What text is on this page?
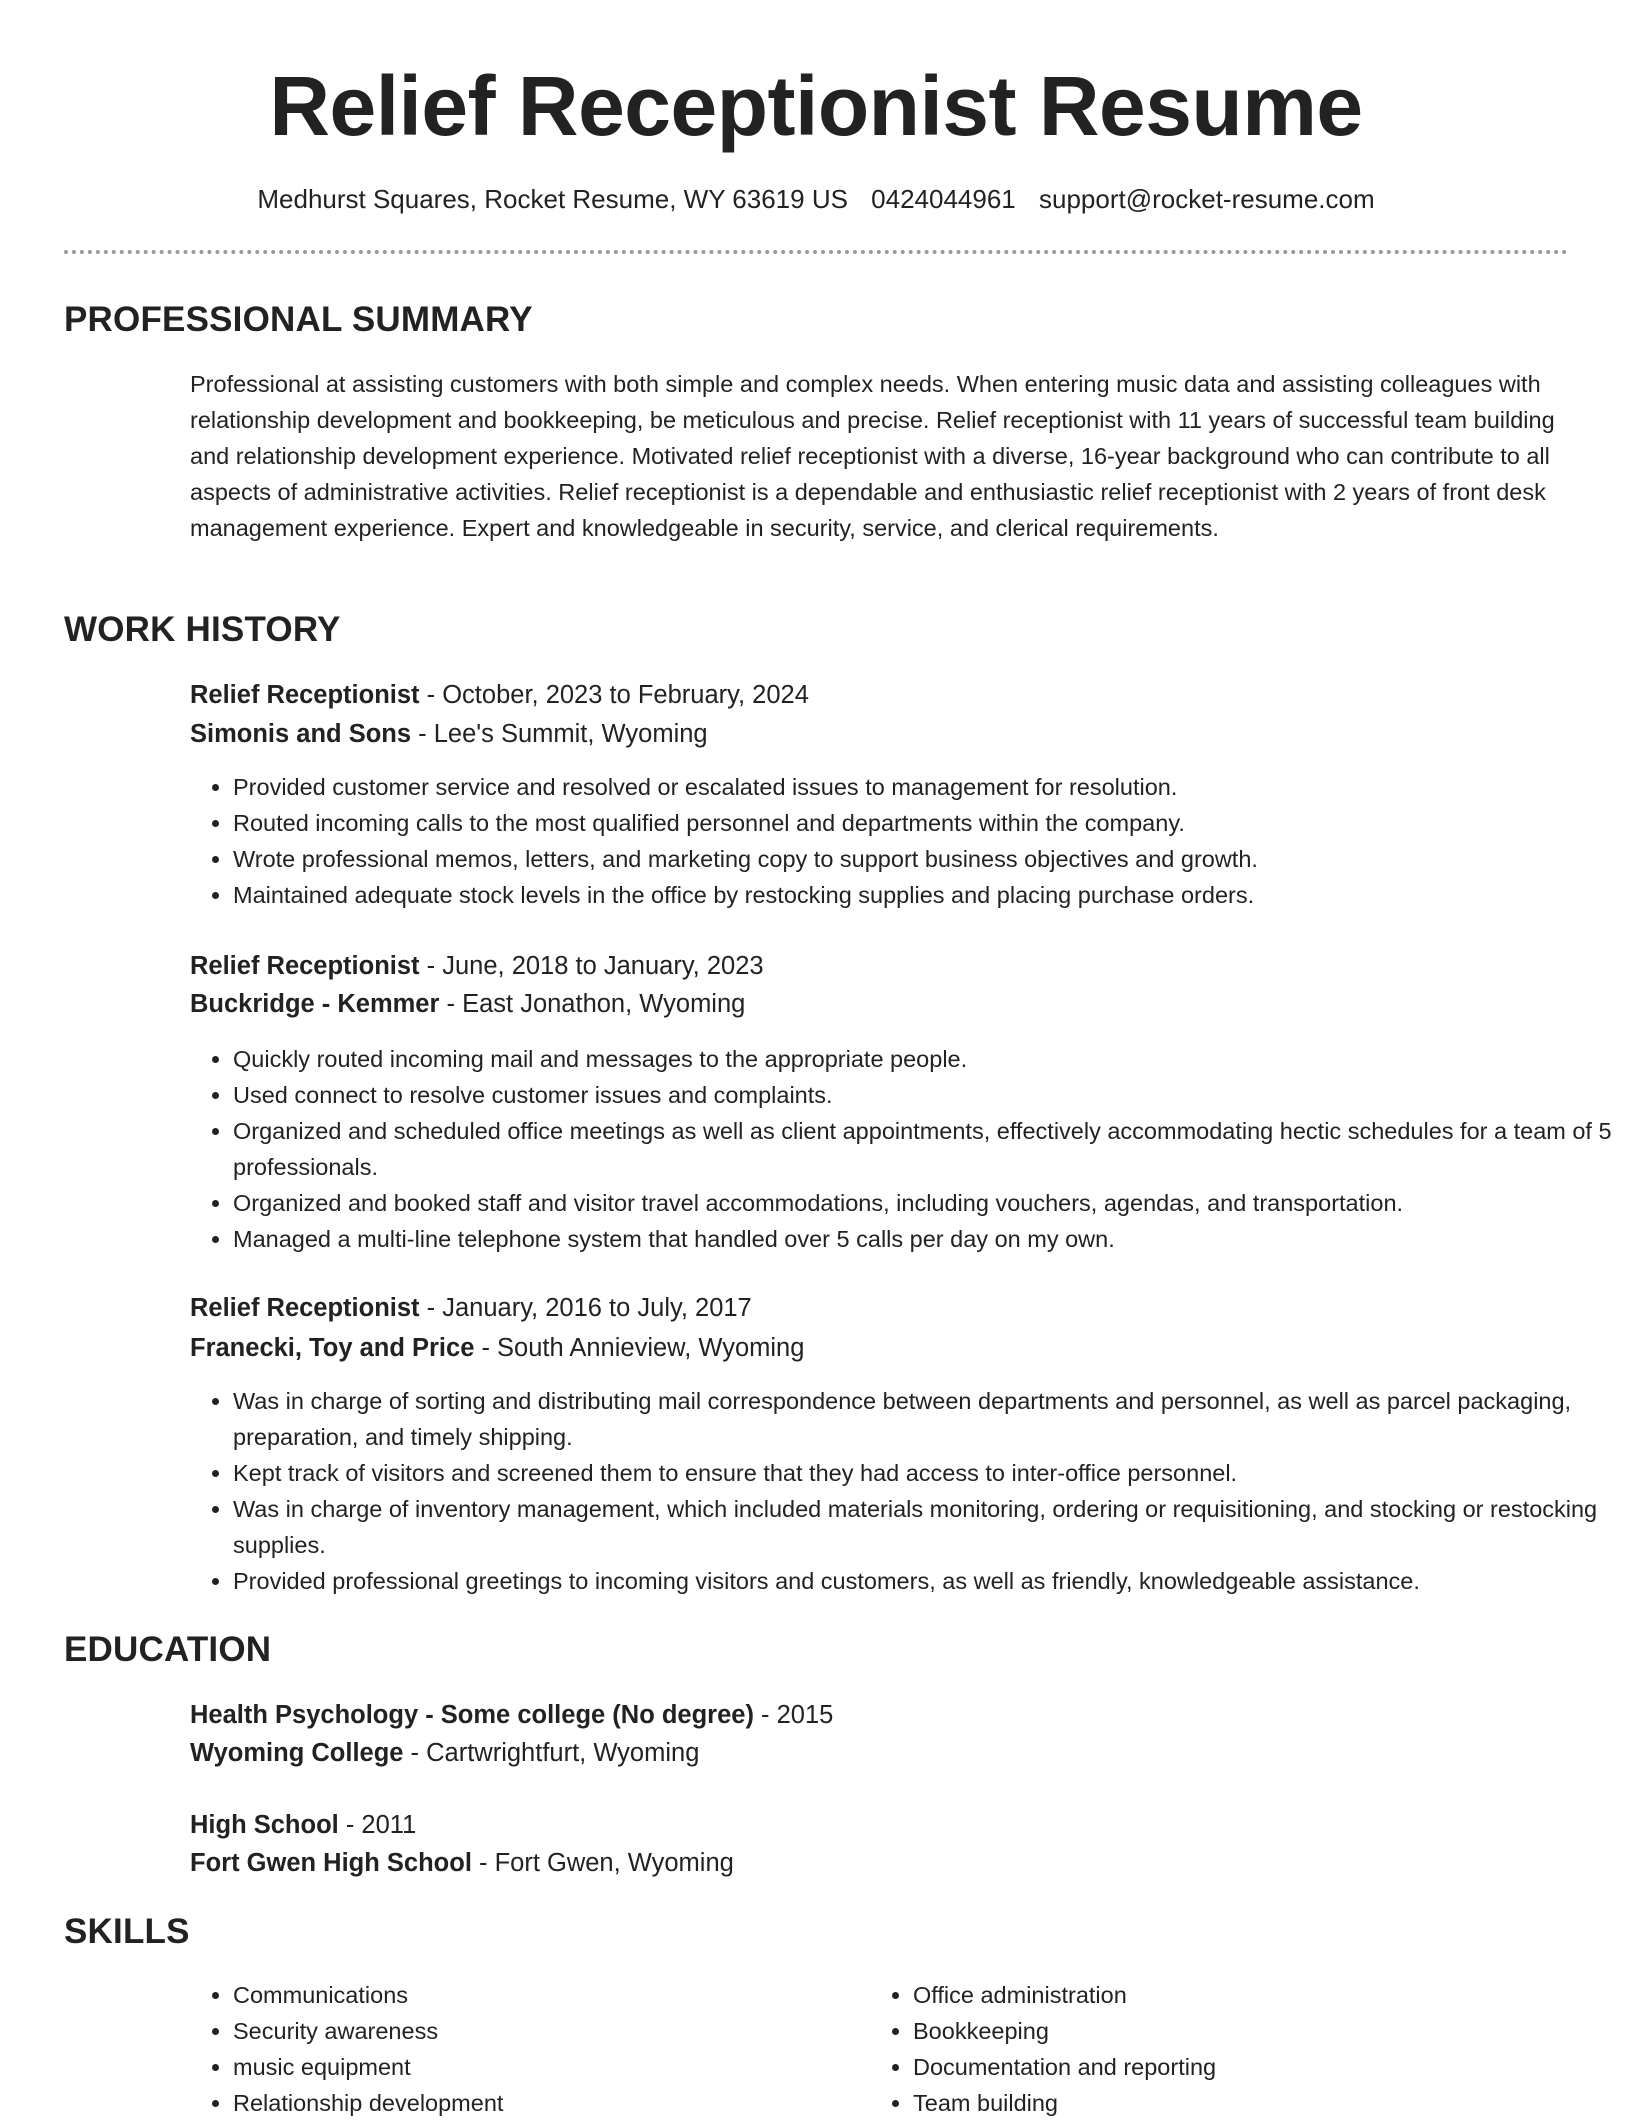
Relief Receptionist Resume
Medhurst Squares, Rocket Resume, WY 63619 US 0424044961 support@rocket-resume.com
PROFESSIONAL SUMMARY

Professional at assisting customers with both simple and complex needs. When entering music data and assisting colleagues with relationship development and bookkeeping, be meticulous and precise. Relief receptionist with 11 years of successful team building and relationship development experience. Motivated relief receptionist with a diverse, 16-year background who can contribute to all aspects of administrative activities. Relief receptionist is a dependable and enthusiastic relief receptionist with 2 years of front desk management experience. Expert and knowledgeable in security, service, and clerical requirements.

WORK HISTORY
Relief Receptionist - October, 2023 to February, 2024
Simonis and Sons - Lee's Summit, Wyoming
• Provided customer service and resolved or escalated issues to management for resolution.
• Routed incoming calls to the most qualified personnel and departments within the company.
• Wrote professional memos, letters, and marketing copy to support business objectives and growth.
• Maintained adequate stock levels in the office by restocking supplies and placing purchase orders.
Relief Receptionist - June, 2018 to January, 2023
Buckridge - Kemmer - East Jonathon, Wyoming
• Quickly routed incoming mail and messages to the appropriate people.
• Used connect to resolve customer issues and complaints.
• Organized and scheduled office meetings as well as client appointments, effectively accommodating hectic schedules for a team of 5 professionals.
• Organized and booked staff and visitor travel accommodations, including vouchers, agendas, and transportation.
• Managed a multi-line telephone system that handled over 5 calls per day on my own.
Relief Receptionist - January, 2016 to July, 2017
Franecki, Toy and Price - South Annieview, Wyoming
• Was in charge of sorting and distributing mail correspondence between departments and personnel, as well as parcel packaging, preparation, and timely shipping.
• Kept track of visitors and screened them to ensure that they had access to inter-office personnel.
• Was in charge of inventory management, which included materials monitoring, ordering or requisitioning, and stocking or restocking supplies.
• Provided professional greetings to incoming visitors and customers, as well as friendly, knowledgeable assistance.
EDUCATION
Health Psychology - Some college (No degree) - 2015
Wyoming College - Cartwrightfurt, Wyoming
High School - 2011
Fort Gwen High School - Fort Gwen, Wyoming
SKILLS
• Communications
• Security awareness
• music equipment
• Relationship development
• Office administration
• Bookkeeping
• Documentation and reporting
• Team building
